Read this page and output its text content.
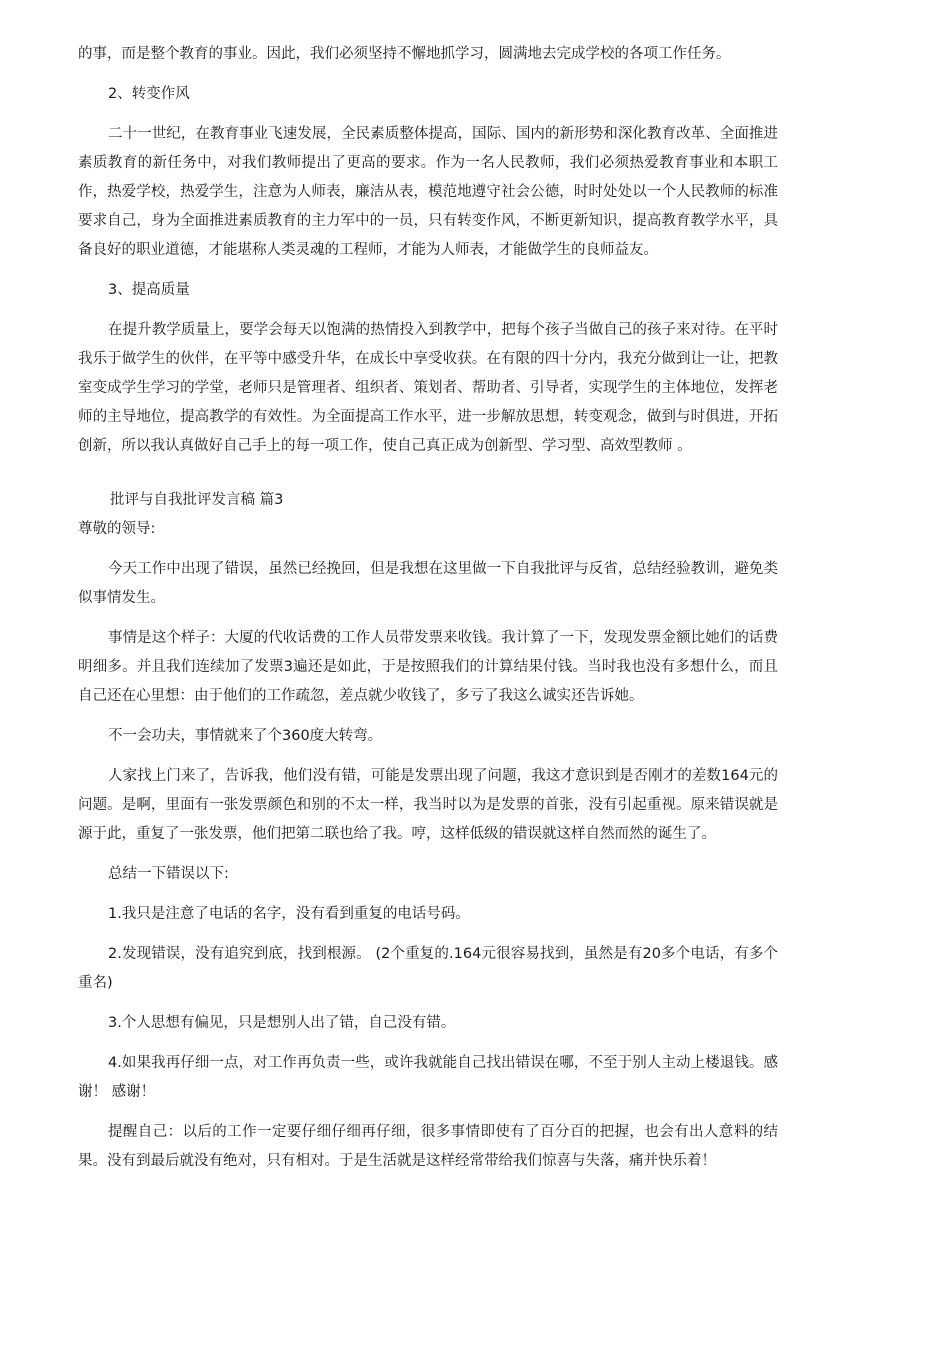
的事，而是整个教育的事业。因此，我们必须坚持不懈地抓学习，圆满地去完成学校的各项工作任务。

2、转变作风

二十一世纪，在教育事业飞速发展，全民素质整体提高，国际、国内的新形势和深化教育改革、全面推进素质教育的新任务中，对我们教师提出了更高的要求。作为一名人民教师，我们必须热爱教育事业和本职工作，热爱学校，热爱学生，注意为人师表，廉洁从表，模范地遵守社会公德，时时处处以一个人民教师的标准要求自己，身为全面推进素质教育的主力军中的一员，只有转变作风，不断更新知识，提高教育教学水平，具备良好的职业道德，才能堪称人类灵魂的工程师，才能为人师表，才能做学生的良师益友。

3、提高质量

在提升教学质量上，要学会每天以饱满的热情投入到教学中，把每个孩子当做自己的孩子来对待。在平时我乐于做学生的伙伴，在平等中感受升华，在成长中享受收获。在有限的四十分内，我充分做到让一让，把教室变成学生学习的学堂，老师只是管理者、组织者、策划者、帮助者、引导者，实现学生的主体地位，发挥老师的主导地位，提高教学的有效性。为全面提高工作水平，进一步解放思想，转变观念，做到与时俱进，开拓创新，所以我认真做好自己手上的每一项工作，使自己真正成为创新型、学习型、高效型教师 。

批评与自我批评发言稿 篇3

尊敬的领导:

今天工作中出现了错误，虽然已经挽回，但是我想在这里做一下自我批评与反省，总结经验教训，避免类似事情发生。

事情是这个样子：大厦的代收话费的工作人员带发票来收钱。我计算了一下，发现发票金额比她们的话费明细多。并且我们连续加了发票3遍还是如此，于是按照我们的计算结果付钱。当时我也没有多想什么，而且自己还在心里想：由于他们的工作疏忽，差点就少收钱了，多亏了我这么诚实还告诉她。

不一会功夫，事情就来了个360度大转弯。

人家找上门来了，告诉我，他们没有错，可能是发票出现了问题，我这才意识到是否刚才的差数164元的问题。是啊，里面有一张发票颜色和别的不太一样，我当时以为是发票的首张，没有引起重视。原来错误就是源于此，重复了一张发票，他们把第二联也给了我。哼，这样低级的错误就这样自然而然的诞生了。

总结一下错误以下:

1.我只是注意了电话的名字，没有看到重复的电话号码。

2.发现错误，没有追究到底，找到根源。 (2个重复的.164元很容易找到，虽然是有20多个电话，有多个重名)

3.个人思想有偏见，只是想别人出了错，自己没有错。

4.如果我再仔细一点，对工作再负责一些，或许我就能自己找出错误在哪，不至于别人主动上楼退钱。感谢！ 感谢！

提醒自己：以后的工作一定要仔细仔细再仔细，很多事情即使有了百分百的把握，也会有出人意料的结果。没有到最后就没有绝对，只有相对。于是生活就是这样经常带给我们惊喜与失落，痛并快乐着！
